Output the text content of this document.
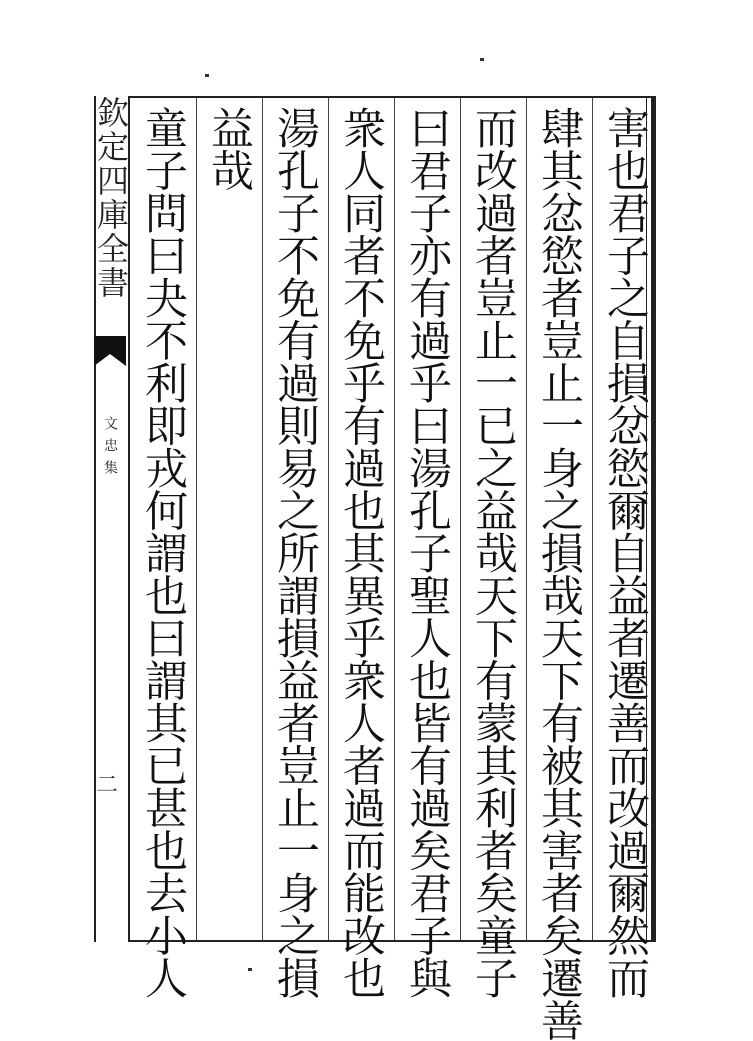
欽定四庫全書
文忠集
二	害也君子之自損忿慾爾自益者遷善而改過爾然而
肆其忿慾者豈止一身之損哉天下有被其害者矣遷善
而改過者豈止一已之益哉天下有蒙其利者矣童子
曰君子亦有過乎曰湯孔子聖人也皆有過矣君子與
衆人同者不免乎有過也其異乎衆人者過而能改也
湯孔子不免有過則易之所謂損益者豈止一身之損
益哉
童子問曰夬不利即戎何謂也曰謂其已甚也去小人
